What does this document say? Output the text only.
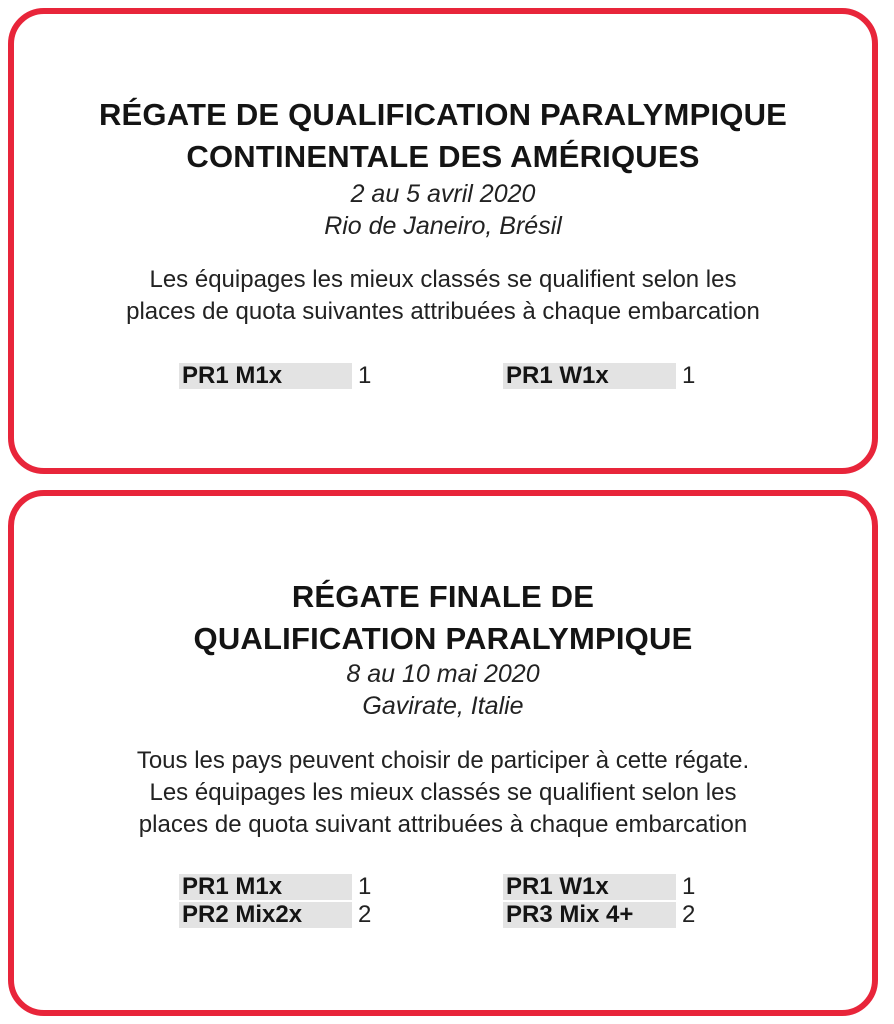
RÉGATE DE QUALIFICATION PARALYMPIQUE
CONTINENTALE DES AMÉRIQUES
2 au 5 avril 2020
Rio de Janeiro, Brésil
Les équipages les mieux classés se qualifient selon les
places de quota suivantes attribuées à chaque embarcation
PR1 M1x	1	PR1 W1x	1
RÉGATE FINALE DE
QUALIFICATION PARALYMPIQUE
8 au 10 mai 2020
Gavirate, Italie
Tous les pays peuvent choisir de participer à cette régate.
Les équipages les mieux classés se qualifient selon les
places de quota suivant attribuées à chaque embarcation
PR1 M1x	1	PR1 W1x	1
PR2 Mix2x	2	PR3 Mix 4+	2
